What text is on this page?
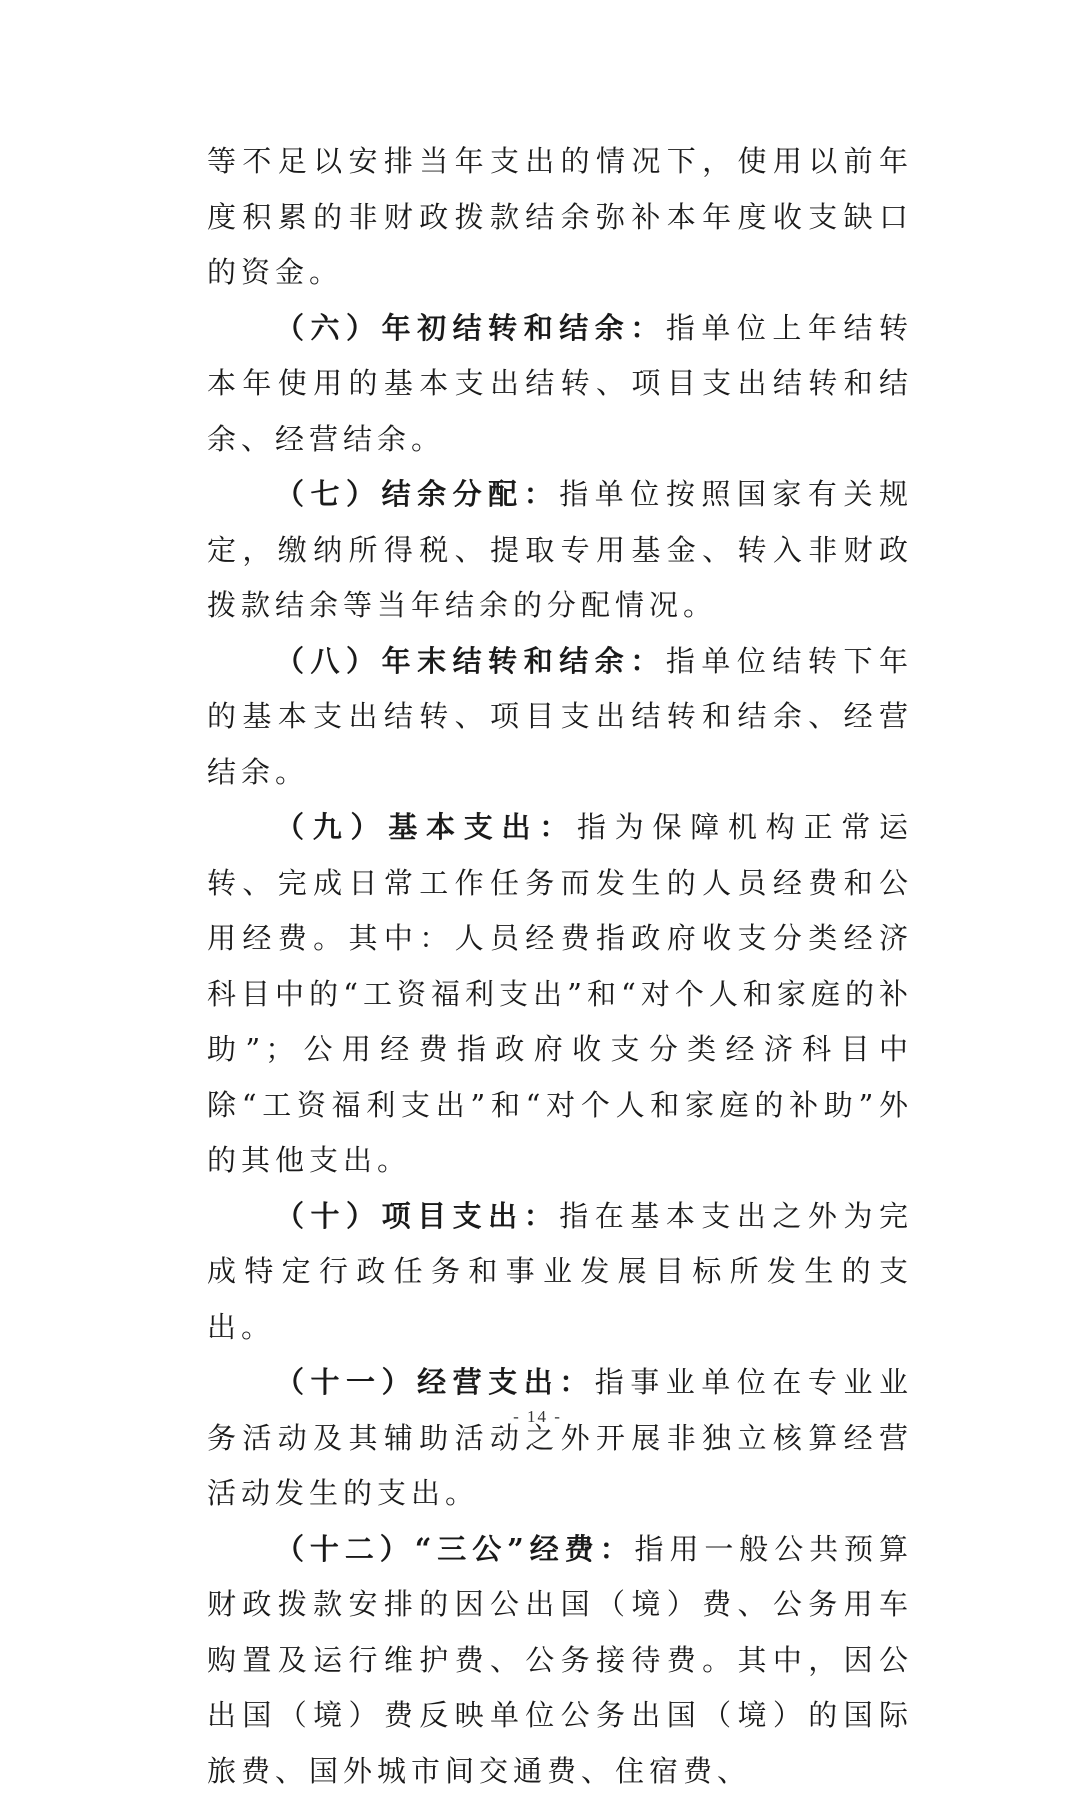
等不足以安排当年支出的情况下，使用以前年度积累的非财政拨款结余弥补本年度收支缺口的资金。

（六）年初结转和结余：指单位上年结转本年使用的基本支出结转、项目支出结转和结余、经营结余。

（七）结余分配：指单位按照国家有关规定，缴纳所得税、提取专用基金、转入非财政拨款结余等当年结余的分配情况。

（八）年末结转和结余：指单位结转下年的基本支出结转、项目支出结转和结余、经营结余。

（九）基本支出：指为保障机构正常运转、完成日常工作任务而发生的人员经费和公用经费。其中：人员经费指政府收支分类经济科目中的“工资福利支出”和“对个人和家庭的补助”；公用经费指政府收支分类经济科目中除“工资福利支出”和“对个人和家庭的补助”外的其他支出。

（十）项目支出：指在基本支出之外为完成特定行政任务和事业发展目标所发生的支出。

（十一）经营支出：指事业单位在专业业务活动及其辅助活动之外开展非独立核算经营活动发生的支出。

（十二）“三公”经费：指用一般公共预算财政拨款安排的因公出国（境）费、公务用车购置及运行维护费、公务接待费。其中，因公出国（境）费反映单位公务出国（境）的国际旅费、国外城市间交通费、住宿费、

- 14 -
